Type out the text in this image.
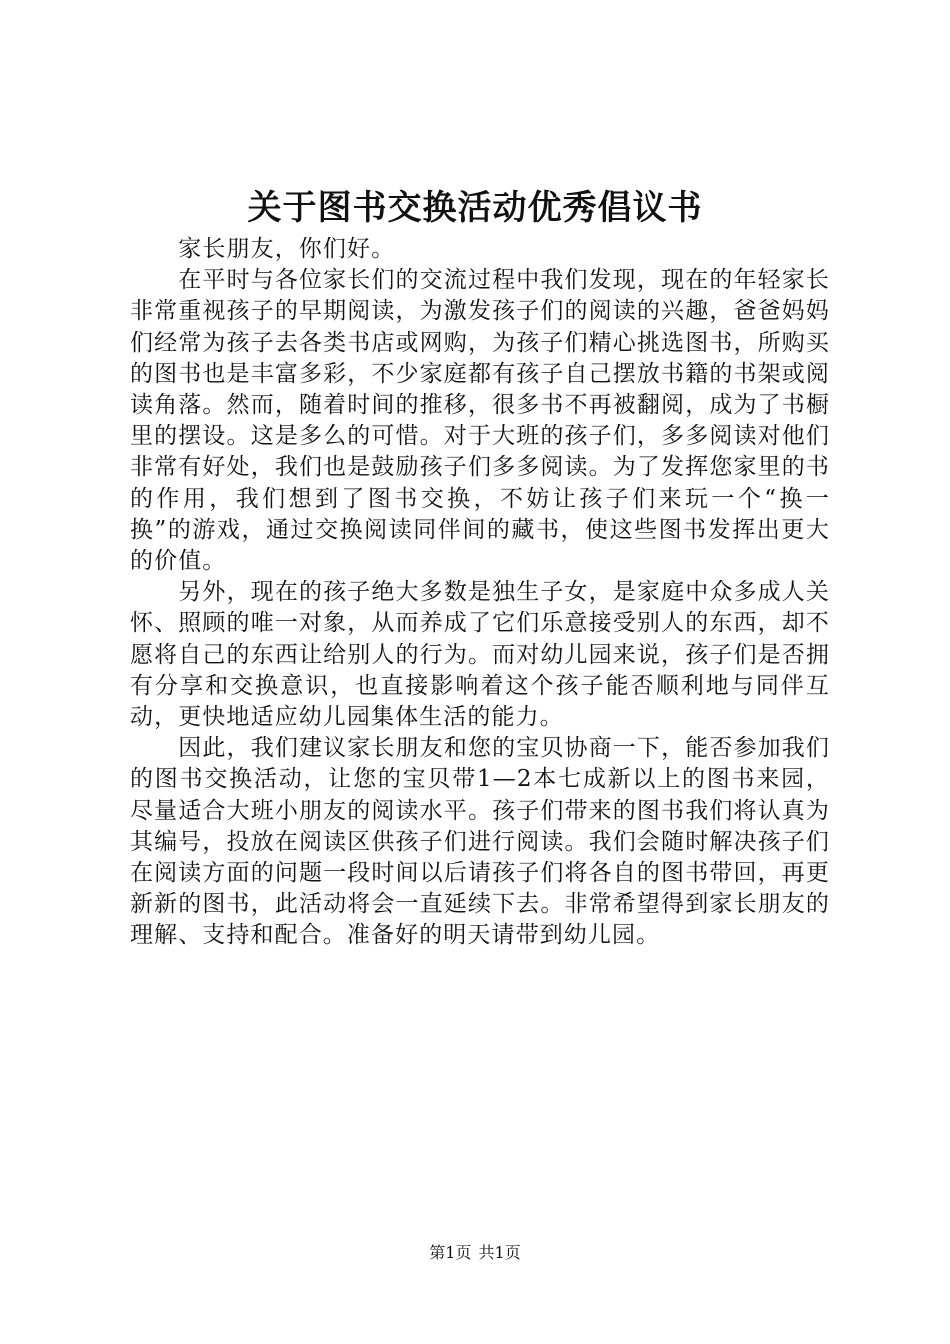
关于图书交换活动优秀倡议书

家长朋友，你们好。

在平时与各位家长们的交流过程中我们发现，现在的年轻家长非常重视孩子的早期阅读，为激发孩子们的阅读的兴趣，爸爸妈妈们经常为孩子去各类书店或网购，为孩子们精心挑选图书，所购买的图书也是丰富多彩，不少家庭都有孩子自己摆放书籍的书架或阅读角落。然而，随着时间的推移，很多书不再被翻阅，成为了书橱里的摆设。这是多么的可惜。对于大班的孩子们，多多阅读对他们非常有好处，我们也是鼓励孩子们多多阅读。为了发挥您家里的书的作用，我们想到了图书交换，不妨让孩子们来玩一个“换一换”的游戏，通过交换阅读同伴间的藏书，使这些图书发挥出更大的价值。

另外，现在的孩子绝大多数是独生子女，是家庭中众多成人关怀、照顾的唯一对象，从而养成了它们乐意接受别人的东西，却不愿将自己的东西让给别人的行为。而对幼儿园来说，孩子们是否拥有分享和交换意识，也直接影响着这个孩子能否顺利地与同伴互动，更快地适应幼儿园集体生活的能力。

因此，我们建议家长朋友和您的宝贝协商一下，能否参加我们的图书交换活动，让您的宝贝带1—2本七成新以上的图书来园，尽量适合大班小朋友的阅读水平。孩子们带来的图书我们将认真为其编号，投放在阅读区供孩子们进行阅读。我们会随时解决孩子们在阅读方面的问题一段时间以后请孩子们将各自的图书带回，再更新新的图书，此活动将会一直延续下去。非常希望得到家长朋友的理解、支持和配合。准备好的明天请带到幼儿园。

第1页 共1页
